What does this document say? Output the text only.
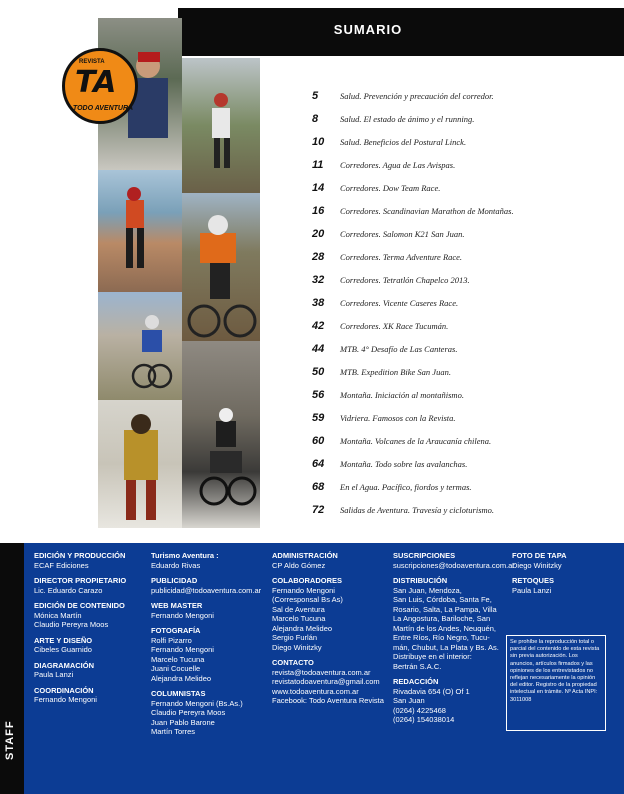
SUMARIO
REVISTA
TA
TODO AVENTURA
5	Salud. Prevención y precaución del corredor.
8	Salud. El estado de ánimo y el running.
10	Salud. Beneficios del Postural Linck.
11	Corredores. Agua de Las Avispas.
14	Corredores. Dow Team Race.
16	Corredores. Scandinavian Marathon de Montañas.
20	Corredores. Salomon K21 San Juan.
28	Corredores. Terma Adventure Race.
32	Corredores. Tetratlón Chapelco 2013.
38	Corredores. Vicente Caseres Race.
42	Corredores. XK Race Tucumán.
44	MTB. 4° Desafío de Las Canteras.
50	MTB. Expedition Bike San Juan.
56	Montaña. Iniciación al montañismo.
59	Vidriera. Famosos con la Revista.
60	Montaña. Volcanes de la Araucanía chilena.
64	Montaña. Todo sobre las avalanchas.
68	En el Agua. Pacífico, fiordos y termas.
72	Salidas de Aventura. Travesía y cicloturismo.
STAFF
EDICIÓN Y PRODUCCIÓN
ECAF Ediciones
DIRECTOR PROPIETARIO
Lic. Eduardo Carazo
EDICIÓN DE CONTENIDO
Mónica Martín
Claudio Pereyra Moos
ARTE Y DISEÑO
Cibeles Guarnido
DIAGRAMACIÓN
Paula Lanzi
COORDINACIÓN
Fernando Mengoni
Turismo Aventura :
Eduardo Rivas
PUBLICIDAD
publicidad@todoaventura.com.ar
WEB MASTER
Fernando Mengoni
FOTOGRAFÍA
Rolfi Pizarro
Fernando Mengoni
Marcelo Tucuna
Juani Cocuelle
Alejandra Melideo
COLUMNISTAS
Fernando Mengoni (Bs.As.)
Claudio Pereyra Moos
Juan Pablo Barone
Martín Torres
ADMINISTRACIÓN
CP Aldo Gómez
COLABORADORES
Fernando Mengoni
(Corresponsal Bs As)
Sal de Aventura
Marcelo Tucuna
Alejandra Melideo
Sergio Furlán
Diego Winitzky
CONTACTO
revista@todoaventura.com.ar
revistatodoaventura@gmail.com
www.todoaventura.com.ar
Facebook: Todo Aventura Revista
SUSCRIPCIONES
suscripciones@todoaventura.com.ar
DISTRIBUCIÓN
San Juan, Mendoza,
San Luis, Córdoba, Santa Fe,
Rosario, Salta, La Pampa, Villa
La Angostura, Bariloche, San
Martín de los Andes, Neuquén,
Entre Ríos, Río Negro, Tucu-
mán, Chubut, La Plata y Bs. As.
Distribuye en el interior:
Bertrán S.A.C.
REDACCIÓN
Rivadavia 654 (O) Of 1
San Juan
(0264) 4225468
(0264) 154038014
FOTO DE TAPA
Diego Winitzky
RETOQUES
Paula Lanzi
Se prohíbe la reproducción total o parcial del contenido de esta revista sin previa autorización. Los anuncios, artículos firmados y las opiniones de los entrevistados no reflejan necesariamente la opinión del editor. Registro de la propiedad intelectual en trámite. Nº Acta INPI: 3011008
